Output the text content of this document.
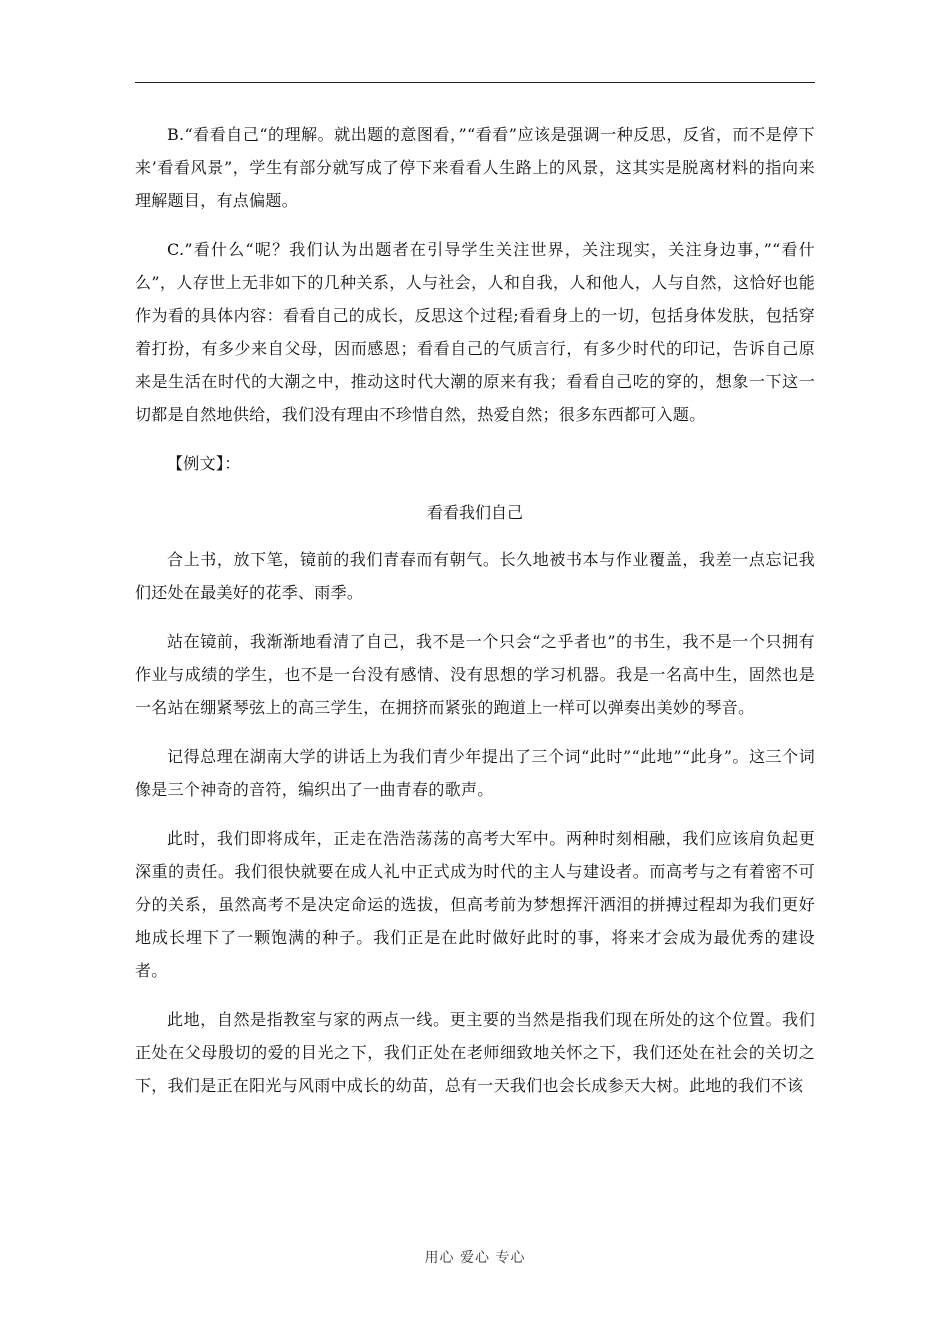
B.“看看自己“的理解。就出题的意图看，”“看看”应该是强调一种反思，反省，而不是停下来’看看风景”，学生有部分就写成了停下来看看人生路上的风景，这其实是脱离材料的指向来理解题目，有点偏题。

C.”看什么“呢？我们认为出题者在引导学生关注世界，关注现实，关注身边事，”“看什么”，人存世上无非如下的几种关系，人与社会，人和自我，人和他人，人与自然，这恰好也能作为看的具体内容：看看自己的成长，反思这个过程;看看身上的一切，包括身体发肤，包括穿着打扮，有多少来自父母，因而感恩；看看自己的气质言行，有多少时代的印记，告诉自己原来是生活在时代的大潮之中，推动这时代大潮的原来有我；看看自己吃的穿的，想象一下这一切都是自然地供给，我们没有理由不珍惜自然，热爱自然；很多东西都可入题。

【例文】：

看看我们自己

合上书，放下笔，镜前的我们青春而有朝气。长久地被书本与作业覆盖，我差一点忘记我们还处在最美好的花季、雨季。

站在镜前，我渐渐地看清了自己，我不是一个只会“之乎者也”的书生，我不是一个只拥有作业与成绩的学生，也不是一台没有感情、没有思想的学习机器。我是一名高中生，固然也是一名站在绷紧琴弦上的高三学生，在拥挤而紧张的跑道上一样可以弹奏出美妙的琴音。

记得总理在湖南大学的讲话上为我们青少年提出了三个词“此时”“此地”“此身”。这三个词像是三个神奇的音符，编织出了一曲青春的歌声。

此时，我们即将成年，正走在浩浩荡荡的高考大军中。两种时刻相融，我们应该肩负起更深重的责任。我们很快就要在成人礼中正式成为时代的主人与建设者。而高考与之有着密不可分的关系，虽然高考不是决定命运的选拔，但高考前为梦想挥汗洒泪的拼搏过程却为我们更好地成长埋下了一颗饱满的种子。我们正是在此时做好此时的事，将来才会成为最优秀的建设者。

此地，自然是指教室与家的两点一线。更主要的当然是指我们现在所处的这个位置。我们正处在父母殷切的爱的目光之下，我们正处在老师细致地关怀之下，我们还处在社会的关切之下，我们是正在阳光与风雨中成长的幼苗，总有一天我们也会长成参天大树。此地的我们不该

用心 爱心 专心
